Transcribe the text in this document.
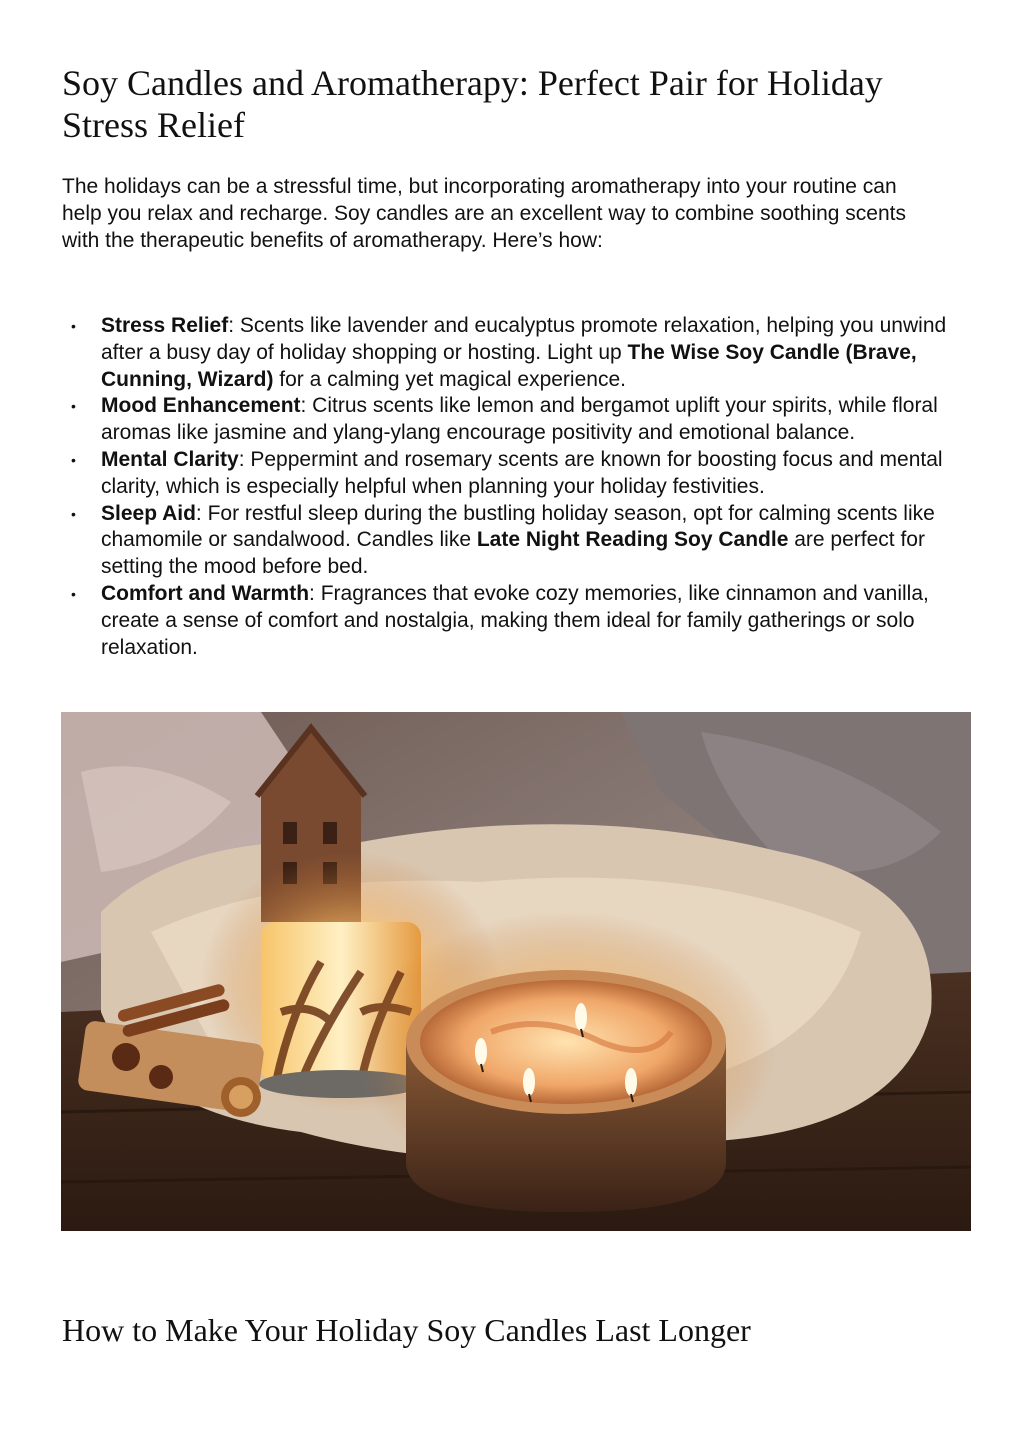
Soy Candles and Aromatherapy: Perfect Pair for Holiday Stress Relief

The holidays can be a stressful time, but incorporating aromatherapy into your routine can help you relax and recharge. Soy candles are an excellent way to combine soothing scents with the therapeutic benefits of aromatherapy. Here’s how:

• Stress Relief: Scents like lavender and eucalyptus promote relaxation, helping you unwind after a busy day of holiday shopping or hosting. Light up The Wise Soy Candle (Brave, Cunning, Wizard) for a calming yet magical experience.
• Mood Enhancement: Citrus scents like lemon and bergamot uplift your spirits, while floral aromas like jasmine and ylang-ylang encourage positivity and emotional balance.
• Mental Clarity: Peppermint and rosemary scents are known for boosting focus and mental clarity, which is especially helpful when planning your holiday festivities.
• Sleep Aid: For restful sleep during the bustling holiday season, opt for calming scents like chamomile or sandalwood. Candles like Late Night Reading Soy Candle are perfect for setting the mood before bed.
• Comfort and Warmth: Fragrances that evoke cozy memories, like cinnamon and vanilla, create a sense of comfort and nostalgia, making them ideal for family gatherings or solo relaxation.
How to Make Your Holiday Soy Candles Last Longer
